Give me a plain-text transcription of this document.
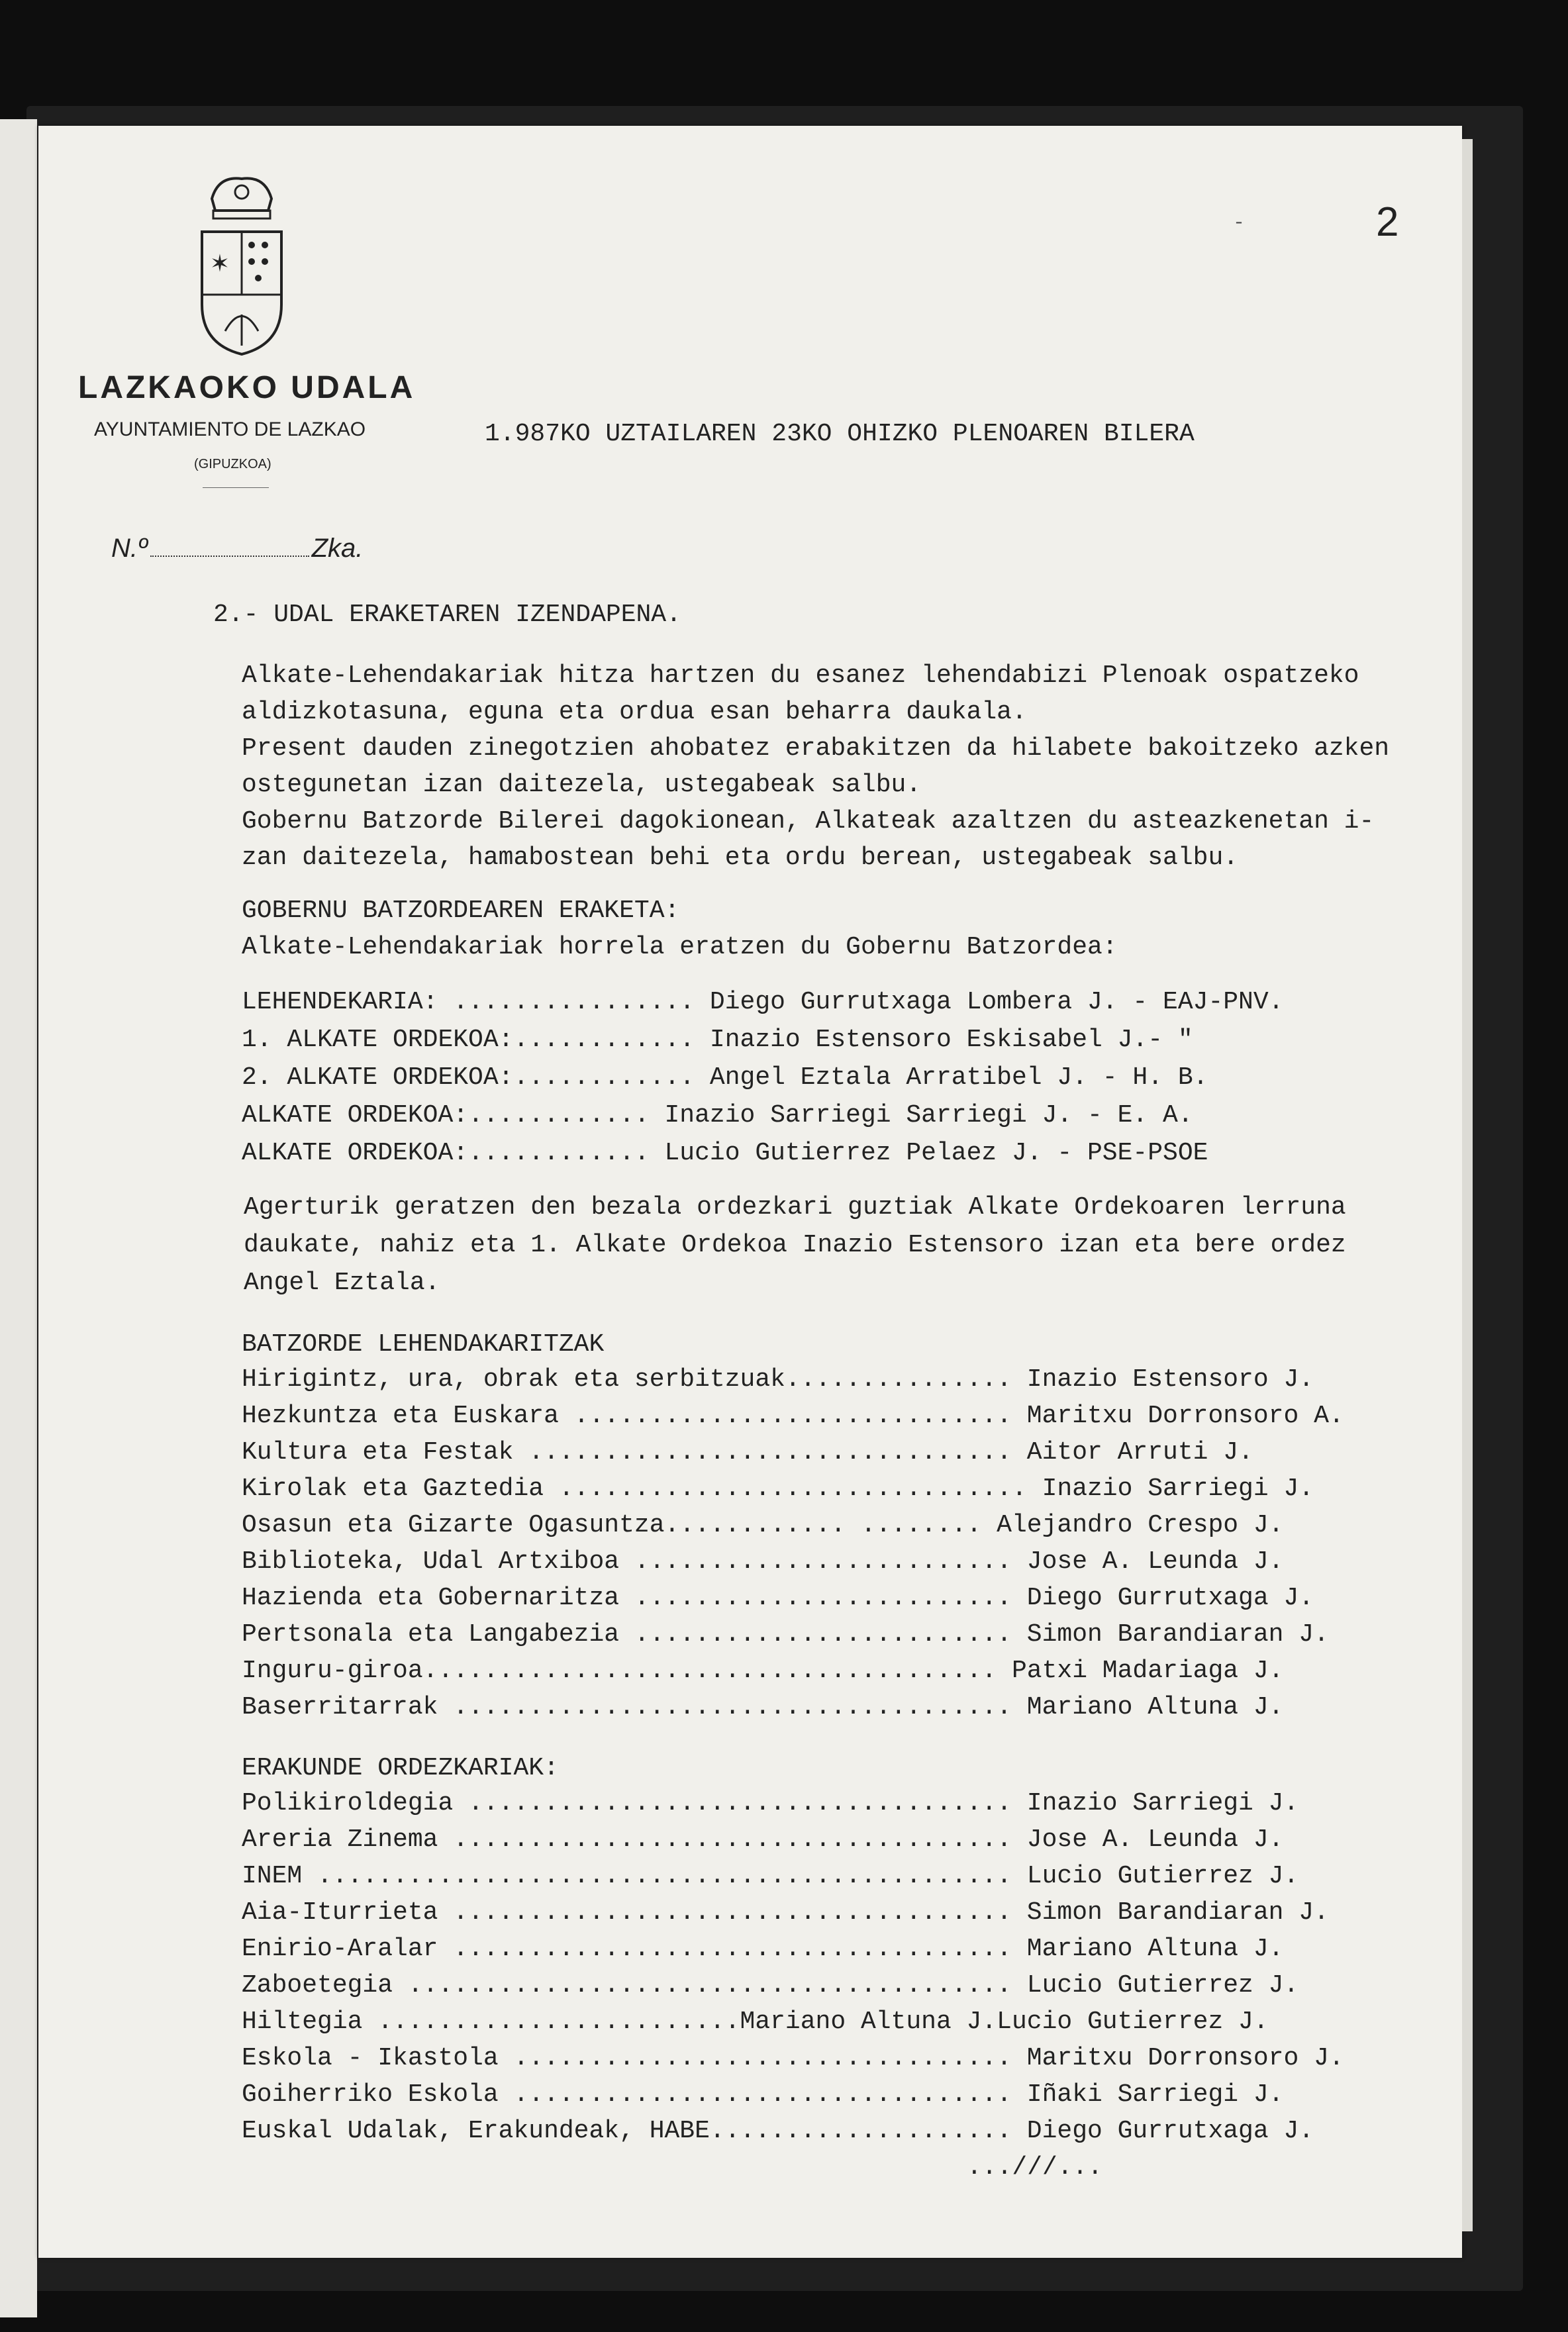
✶
LAZKAOKO UDALA
AYUNTAMIENTO DE LAZKAO
(GIPUZKOA)
-	2
1.987KO UZTAILAREN 23KO OHIZKO PLENOAREN BILERA
N.º	Zka.
2.- UDAL ERAKETAREN IZENDAPENA.
Alkate-Lehendakariak hitza hartzen du esanez lehendabizi Plenoak ospatzeko
aldizkotasuna, eguna eta ordua esan beharra daukala.
Present dauden zinegotzien ahobatez erabakitzen da hilabete bakoitzeko azken
ostegunetan izan daitezela, ustegabeak salbu.
Gobernu Batzorde Bilerei dagokionean, Alkateak azaltzen du asteazkenetan i-
zan daitezela, hamabostean behi eta ordu berean, ustegabeak salbu.
GOBERNU BATZORDEAREN ERAKETA:
Alkate-Lehendakariak horrela eratzen du Gobernu Batzordea:
LEHENDEKARIA: ................ Diego Gurrutxaga Lombera J. - EAJ-PNV.
1. ALKATE ORDEKOA:............ Inazio Estensoro Eskisabel J.- "
2. ALKATE ORDEKOA:............ Angel Eztala Arratibel J. - H. B.
ALKATE ORDEKOA:............ Inazio Sarriegi Sarriegi J. - E. A.
ALKATE ORDEKOA:............ Lucio Gutierrez Pelaez J. - PSE-PSOE
Agerturik geratzen den bezala ordezkari guztiak Alkate Ordekoaren lerruna
daukate, nahiz eta 1. Alkate Ordekoa Inazio Estensoro izan eta bere ordez
Angel Eztala.
BATZORDE LEHENDAKARITZAK
Hirigintz, ura, obrak eta serbitzuak............... Inazio Estensoro J.
Hezkuntza eta Euskara ............................. Maritxu Dorronsoro A.
Kultura eta Festak ................................ Aitor Arruti J.
Kirolak eta Gaztedia ............................... Inazio Sarriegi J.
Osasun eta Gizarte Ogasuntza............ ........ Alejandro Crespo J.
Biblioteka, Udal Artxiboa ......................... Jose A. Leunda J.
Hazienda eta Gobernaritza ......................... Diego Gurrutxaga J.
Pertsonala eta Langabezia ......................... Simon Barandiaran J.
Inguru-giroa...................................... Patxi Madariaga J.
Baserritarrak ..................................... Mariano Altuna J.
ERAKUNDE ORDEZKARIAK:
Polikiroldegia .................................... Inazio Sarriegi J.
Areria Zinema ..................................... Jose A. Leunda J.
INEM .............................................. Lucio Gutierrez J.
Aia-Iturrieta ..................................... Simon Barandiaran J.
Enirio-Aralar ..................................... Mariano Altuna J.
Zaboetegia ........................................ Lucio Gutierrez J.
Hiltegia ........................Mariano Altuna J.Lucio Gutierrez J.
Eskola - Ikastola ................................. Maritxu Dorronsoro J.
Goiherriko Eskola ................................. Iñaki Sarriegi J.
Euskal Udalak, Erakundeak, HABE.................... Diego Gurrutxaga J.
...///...
